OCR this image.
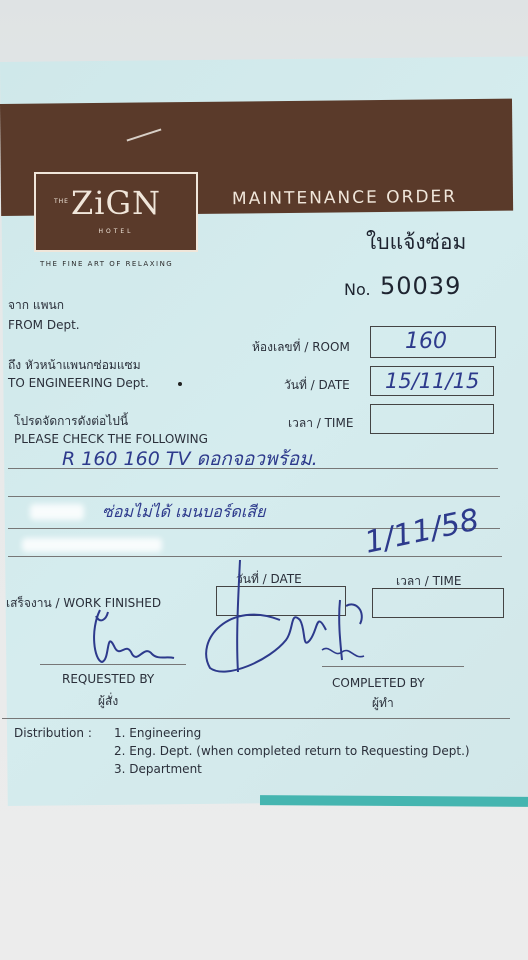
THE ZiGN
HOTEL
THE FINE ART OF RELAXING
MAINTENANCE ORDER
ใบแจ้งซ่อม
No. 50039
จาก แพนก
FROM Dept.
ห้องเลขที่ / ROOM	160
ถึง หัวหน้าแพนกซ่อมแซม
TO ENGINEERING Dept.	วันที่ / DATE 15/11/15
โปรดจัดการดังต่อไปนี้
PLEASE CHECK THE FOLLOWING
เวลา / TIME
R 160 160 TV ดอกจอวพร้อม.
ซ่อมไม่ได้ เมนบอร์ดเสีย
วันที่ / DATE	เวลา / TIME
1/11/58
เสร็จงาน / WORK FINISHED
REQUESTED BY
ผู้สั่ง
COMPLETED BY
ผู้ทำ
Distribution : 1. Engineering
2. Eng. Dept. (when completed return to Requesting Dept.)
3. Department
